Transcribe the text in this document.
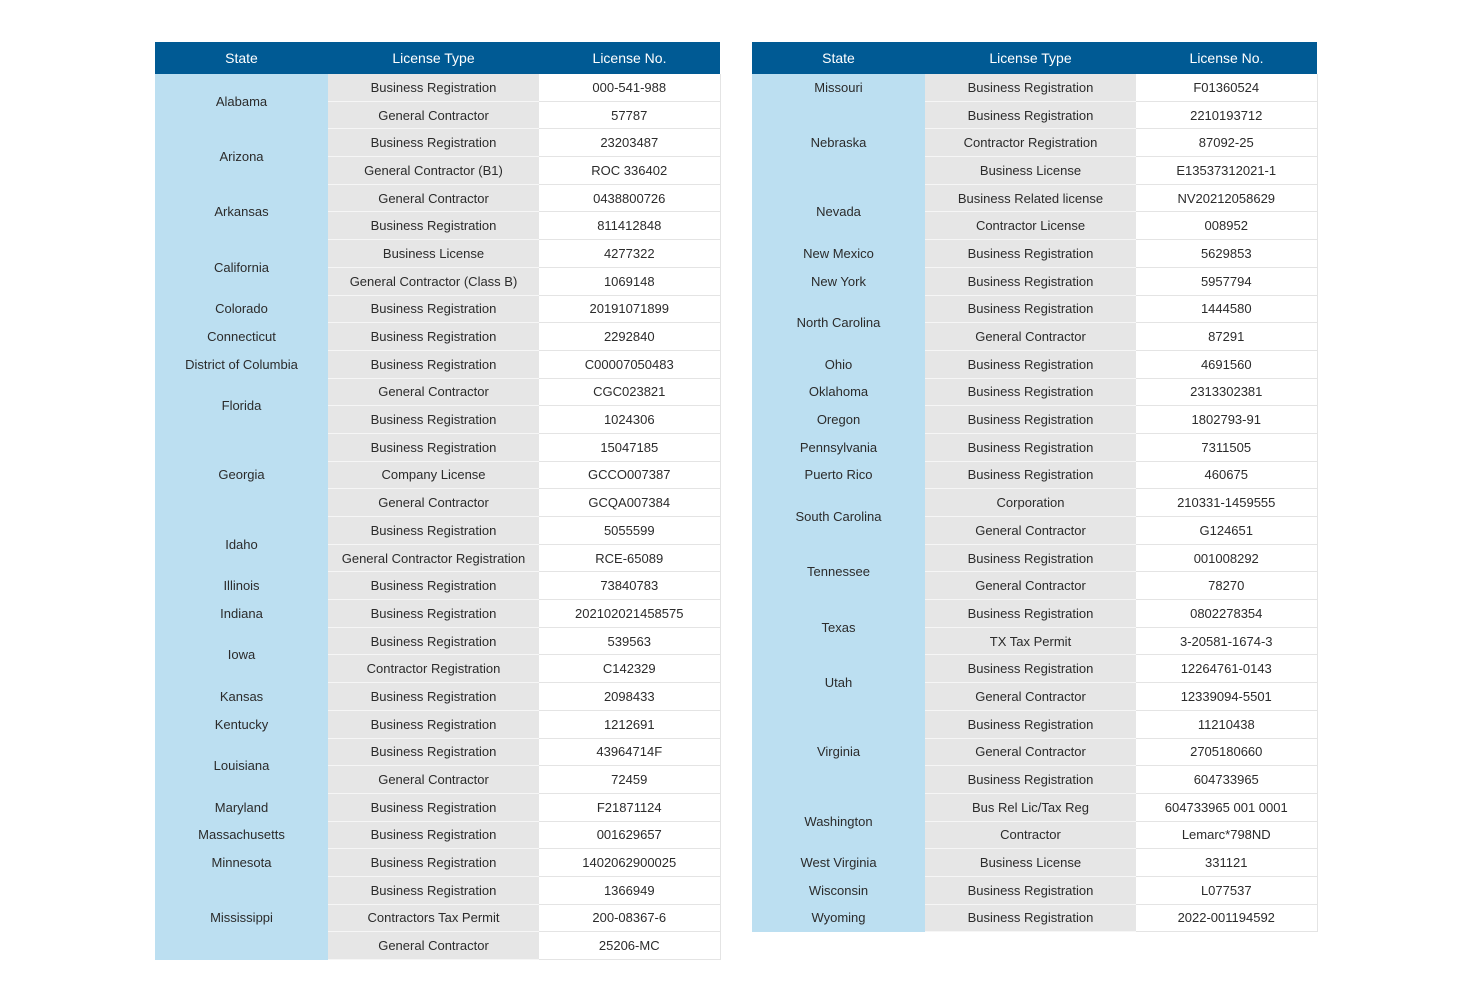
State	License Type	License No.
Alabama	Business Registration	000-541-988
	General Contractor	57787
Arizona	Business Registration	23203487
	General Contractor (B1)	ROC 336402
Arkansas	General Contractor	0438800726
	Business Registration	811412848
California	Business License	4277322
	General Contractor (Class B)	1069148
Colorado	Business Registration	20191071899
Connecticut	Business Registration	2292840
District of Columbia	Business Registration	C00007050483
Florida	General Contractor	CGC023821
	Business Registration	1024306
Georgia	Business Registration	15047185
	Company License	GCCO007387
	General Contractor	GCQA007384
Idaho	Business Registration	5055599
	General Contractor Registration	RCE-65089
Illinois	Business Registration	73840783
Indiana	Business Registration	202102021458575
Iowa	Business Registration	539563
	Contractor Registration	C142329
Kansas	Business Registration	2098433
Kentucky	Business Registration	1212691
Louisiana	Business Registration	43964714F
	General Contractor	72459
Maryland	Business Registration	F21871124
Massachusetts	Business Registration	001629657
Minnesota	Business Registration	1402062900025
Mississippi	Business Registration	1366949
	Contractors Tax Permit	200-08367-6
	General Contractor	25206-MC
State	License Type	License No.
Missouri	Business Registration	F01360524
Nebraska	Business Registration	2210193712
	Contractor Registration	87092-25
	Business License	E13537312021-1
Nevada	Business Related license	NV20212058629
	Contractor License	008952
New Mexico	Business Registration	5629853
New York	Business Registration	5957794
North Carolina	Business Registration	1444580
	General Contractor	87291
Ohio	Business Registration	4691560
Oklahoma	Business Registration	2313302381
Oregon	Business Registration	1802793-91
Pennsylvania	Business Registration	7311505
Puerto Rico	Business Registration	460675
South Carolina	Corporation	210331-1459555
	General Contractor	G124651
Tennessee	Business Registration	001008292
	General Contractor	78270
Texas	Business Registration	0802278354
	TX Tax Permit	3-20581-1674-3
Utah	Business Registration	12264761-0143
	General Contractor	12339094-5501
Virginia	Business Registration	11210438
	General Contractor	2705180660
	Business Registration	604733965
Washington	Bus Rel Lic/Tax Reg	604733965 001 0001
	Contractor	Lemarc*798ND
West Virginia	Business License	331121
Wisconsin	Business Registration	L077537
Wyoming	Business Registration	2022-001194592
